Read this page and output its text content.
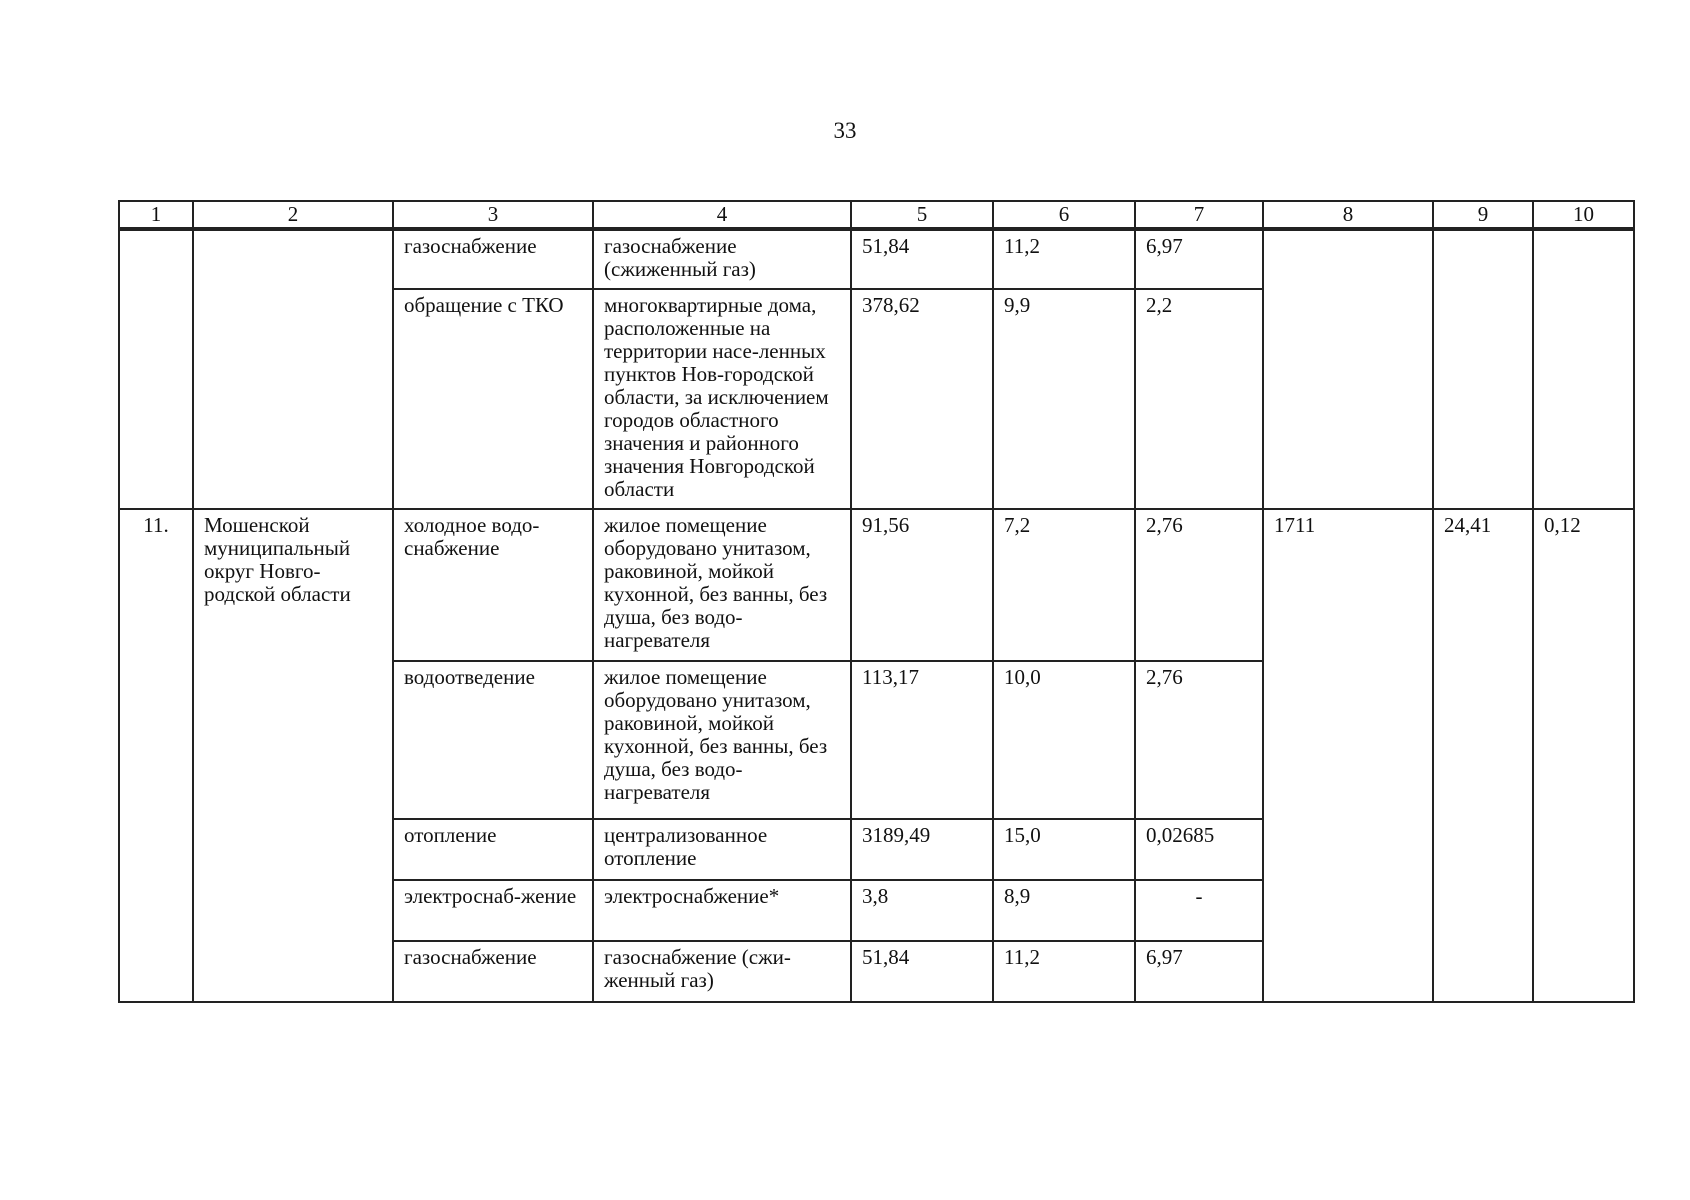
33
1	2	3	4	5	6	7	8	9	10
		газоснабжение	газоснабжение (сжиженный газ)	51,84	11,2	6,97			
		обращение с ТКО	многоквартирные дома, расположенные на территории насе-ленных пунктов Нов-городской области, за исключением городов областного значения и районного значения Новгородской области	378,62	9,9	2,2			
11.	Мошенской муниципальный округ Новго-родской области	холодное водо-снабжение	жилое помещение оборудовано унитазом, раковиной, мойкой кухонной, без ванны, без душа, без водо-нагревателя	91,56	7,2	2,76	1711	24,41	0,12
		водоотведение	жилое помещение оборудовано унитазом, раковиной, мойкой кухонной, без ванны, без душа, без водо-нагревателя	113,17	10,0	2,76			
		отопление	централизованное отопление	3189,49	15,0	0,02685			
		электроснаб-жение	электроснабжение*	3,8	8,9	-			
		газоснабжение	газоснабжение (сжи-женный газ)	51,84	11,2	6,97			
